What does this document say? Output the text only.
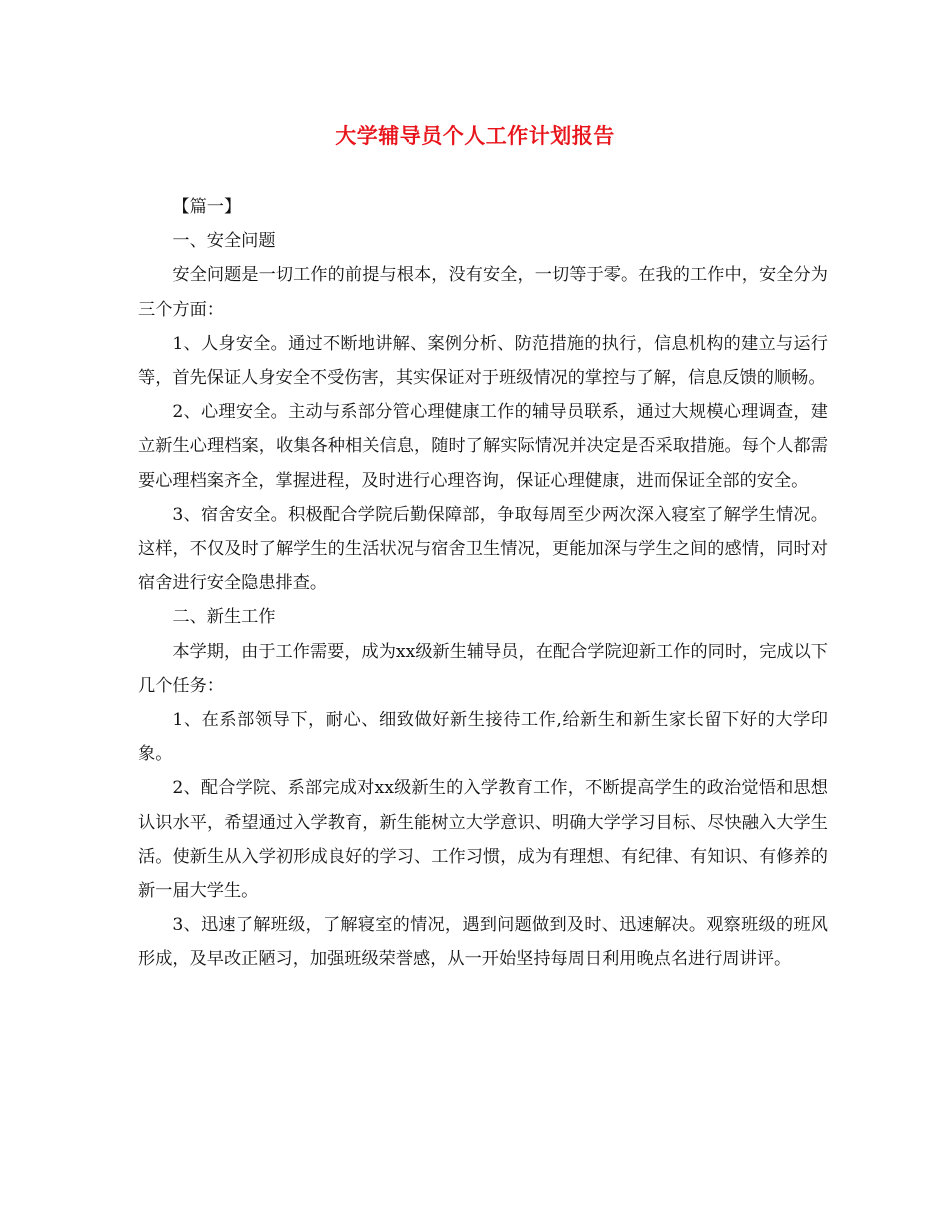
大学辅导员个人工作计划报告

【篇一】

一、安全问题

安全问题是一切工作的前提与根本，没有安全，一切等于零。在我的工作中，安全分为三个方面：

1、人身安全。通过不断地讲解、案例分析、防范措施的执行，信息机构的建立与运行等，首先保证人身安全不受伤害，其实保证对于班级情况的掌控与了解，信息反馈的顺畅。

2、心理安全。主动与系部分管心理健康工作的辅导员联系，通过大规模心理调查，建立新生心理档案，收集各种相关信息，随时了解实际情况并决定是否采取措施。每个人都需要心理档案齐全，掌握进程，及时进行心理咨询，保证心理健康，进而保证全部的安全。

3、宿舍安全。积极配合学院后勤保障部，争取每周至少两次深入寝室了解学生情况。这样，不仅及时了解学生的生活状况与宿舍卫生情况，更能加深与学生之间的感情，同时对宿舍进行安全隐患排查。

二、新生工作

本学期，由于工作需要，成为xx级新生辅导员，在配合学院迎新工作的同时，完成以下几个任务：

1、在系部领导下，耐心、细致做好新生接待工作,给新生和新生家长留下好的大学印象。

2、配合学院、系部完成对xx级新生的入学教育工作，不断提高学生的政治觉悟和思想认识水平，希望通过入学教育，新生能树立大学意识、明确大学学习目标、尽快融入大学生活。使新生从入学初形成良好的学习、工作习惯，成为有理想、有纪律、有知识、有修养的新一届大学生。

3、迅速了解班级，了解寝室的情况，遇到问题做到及时、迅速解决。观察班级的班风形成，及早改正陋习，加强班级荣誉感，从一开始坚持每周日利用晚点名进行周讲评。
